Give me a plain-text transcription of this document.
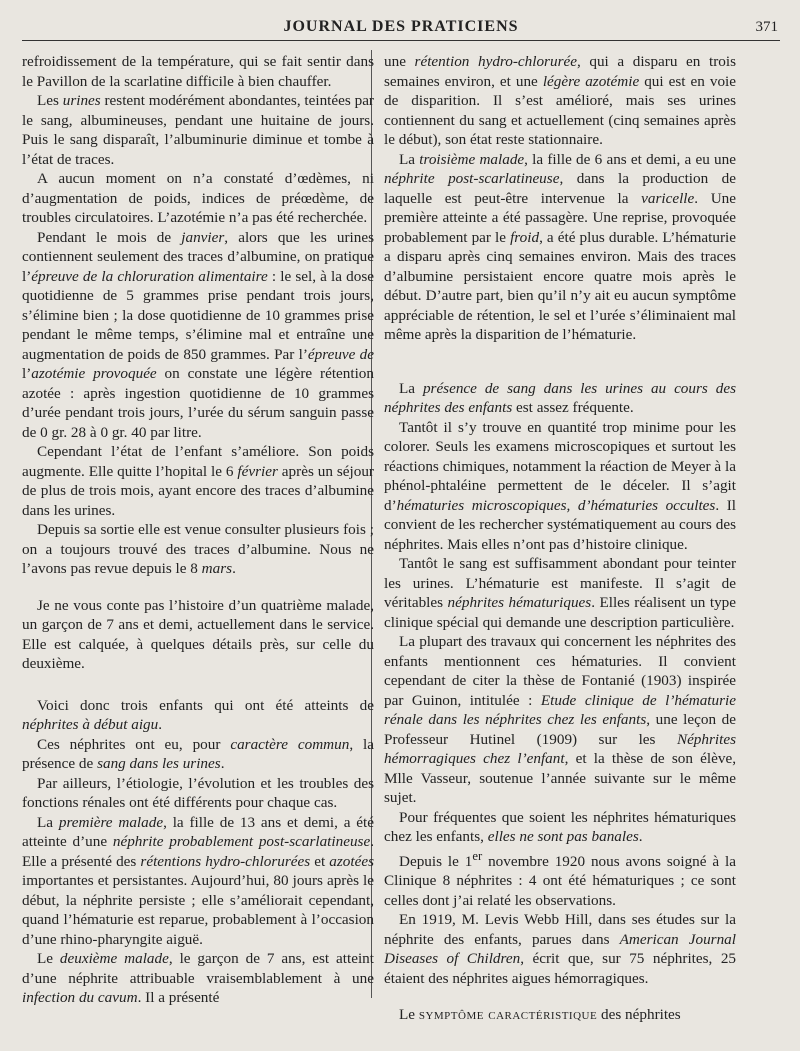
JOURNAL DES PRATICIENS	371

refroidissement de la température, qui se fait sentir dans le Pavillon de la scarlatine difficile à bien chauffer.

Les urines restent modérément abondantes, teintées par le sang, albumineuses, pendant une huitaine de jours. Puis le sang disparaît, l’albuminurie diminue et tombe à l’état de traces.

A aucun moment on n’a constaté d’œdèmes, ni d’augmentation de poids, indices de préœdème, de troubles circulatoires. L’azotémie n’a pas été recherchée.

Pendant le mois de janvier, alors que les urines contiennent seulement des traces d’albumine, on pratique l’épreuve de la chloruration alimentaire : le sel, à la dose quotidienne de 5 grammes prise pendant trois jours, s’élimine bien ; la dose quotidienne de 10 grammes prise pendant le même temps, s’élimine mal et entraîne une augmentation de poids de 850 grammes. Par l’épreuve de l’azotémie provoquée on constate une légère rétention azotée : après ingestion quotidienne de 10 grammes d’urée pendant trois jours, l’urée du sérum sanguin passe de 0 gr. 28 à 0 gr. 40 par litre.

Cependant l’état de l’enfant s’améliore. Son poids augmente. Elle quitte l’hopital le 6 février après un séjour de plus de trois mois, ayant encore des traces d’albumine dans les urines.

Depuis sa sortie elle est venue consulter plusieurs fois ; on a toujours trouvé des traces d’albumine. Nous ne l’avons pas revue depuis le 8 mars.

Je ne vous conte pas l’histoire d’un quatrième malade, un garçon de 7 ans et demi, actuellement dans le service. Elle est calquée, à quelques détails près, sur celle du deuxième.

Voici donc trois enfants qui ont été atteints de néphrites à début aigu.

Ces néphrites ont eu, pour caractère commun, la présence de sang dans les urines.

Par ailleurs, l’étiologie, l’évolution et les troubles des fonctions rénales ont été différents pour chaque cas.

La première malade, la fille de 13 ans et demi, a été atteinte d’une néphrite probablement post-scarlatineuse. Elle a présenté des rétentions hydro-chlorurées et azotées importantes et persistantes. Aujourd’hui, 80 jours après le début, la néphrite persiste ; elle s’améliorait cependant, quand l’hématurie est reparue, probablement à l’occasion d’une rhino-pharyngite aiguë.

Le deuxième malade, le garçon de 7 ans, est atteint d’une néphrite attribuable vraisemblablement à une infection du cavum. Il a présenté

une rétention hydro-chlorurée, qui a disparu en trois semaines environ, et une légère azotémie qui est en voie de disparition. Il s’est amélioré, mais ses urines contiennent du sang et actuellement (cinq semaines après le début), son état reste stationnaire.

La troisième malade, la fille de 6 ans et demi, a eu une néphrite post-scarlatineuse, dans la production de laquelle est peut-être intervenue la varicelle. Une première atteinte a été passagère. Une reprise, provoquée probablement par le froid, a été plus durable. L’hématurie a disparu après cinq semaines environ. Mais des traces d’albumine persistaient encore quatre mois après le début. D’autre part, bien qu’il n’y ait eu aucun symptôme appréciable de rétention, le sel et l’urée s’éliminaient mal même après la disparition de l’hématurie.

La présence de sang dans les urines au cours des néphrites des enfants est assez fréquente.

Tantôt il s’y trouve en quantité trop minime pour les colorer. Seuls les examens microscopiques et surtout les réactions chimiques, notamment la réaction de Meyer à la phénol-phtaléine permettent de le déceler. Il s’agit d’hématuries microscopiques, d’hématuries occultes. Il convient de les rechercher systématiquement au cours des néphrites. Mais elles n’ont pas d’histoire clinique.

Tantôt le sang est suffisamment abondant pour teinter les urines. L’hématurie est manifeste. Il s’agit de véritables néphrites hématuriques. Elles réalisent un type clinique spécial qui demande une description particulière.

La plupart des travaux qui concernent les néphrites des enfants mentionnent ces hématuries. Il convient cependant de citer la thèse de Fontanié (1903) inspirée par Guinon, intitulée : Etude clinique de l’hématurie rénale dans les néphrites chez les enfants, une leçon de Professeur Hutinel (1909) sur les Néphrites hémorragiques chez l’enfant, et la thèse de son élève, Mlle Vasseur, soutenue l’année suivante sur le même sujet.

Pour fréquentes que soient les néphrites hématuriques chez les enfants, elles ne sont pas banales.

Depuis le 1er novembre 1920 nous avons soigné à la Clinique 8 néphrites : 4 ont été hématuriques ; ce sont celles dont j’ai relaté les observations.

En 1919, M. Levis Webb Hill, dans ses études sur la néphrite des enfants, parues dans American Journal Diseases of Children, écrit que, sur 75 néphrites, 25 étaient des néphrites aigues hémorragiques.

Le symptôme caractéristique des néphrites
